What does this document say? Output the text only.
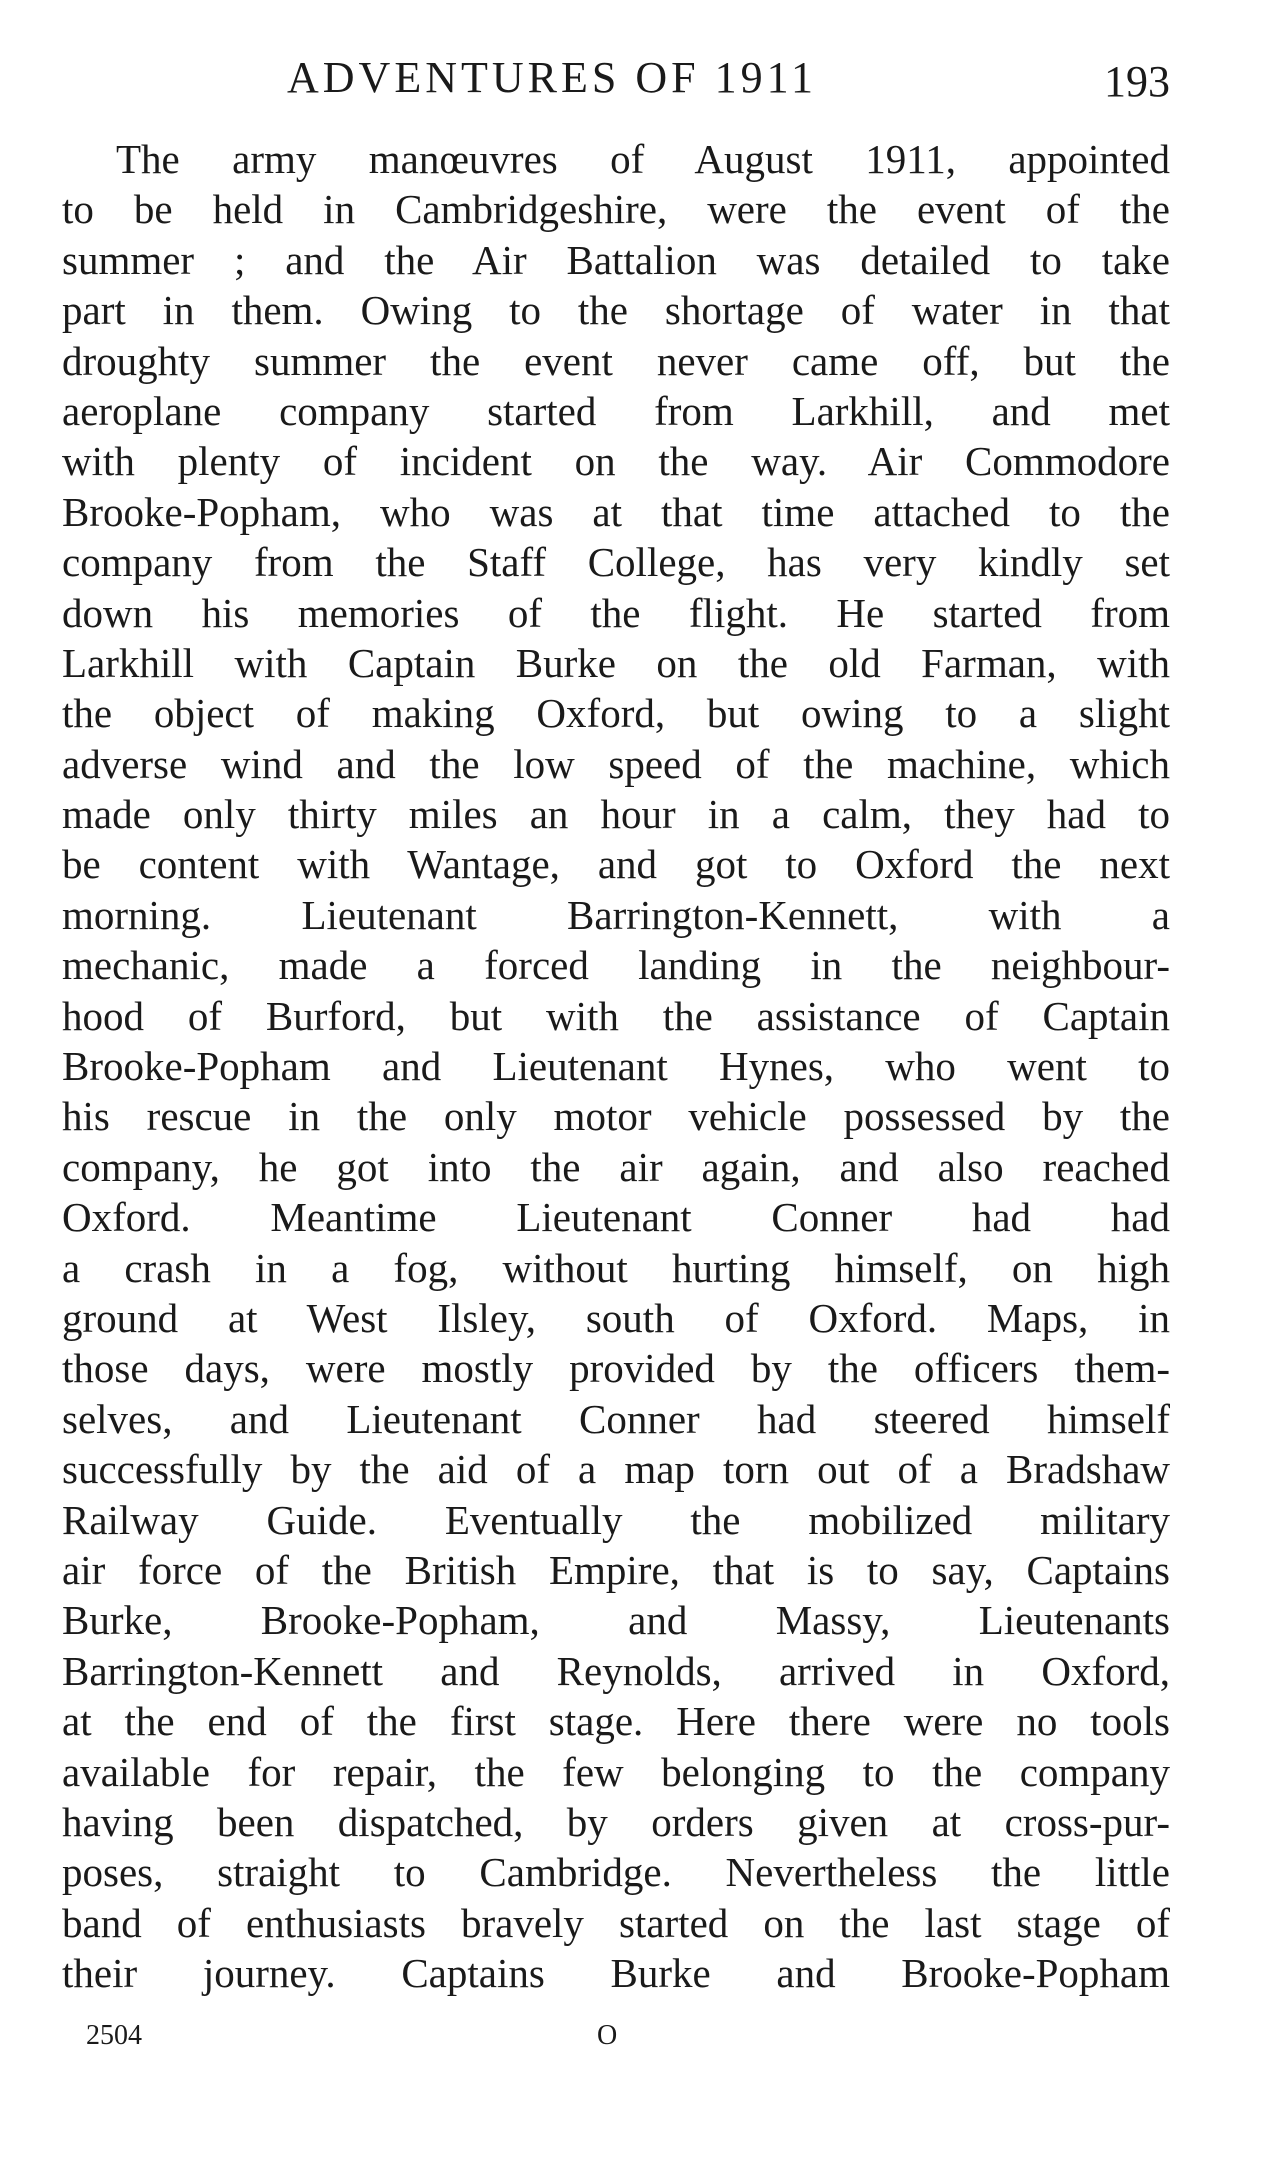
ADVENTURES OF 1911	193
The army manœuvres of August 1911, appointed
to be held in Cambridgeshire, were the event of the
summer ; and the Air Battalion was detailed to take
part in them. Owing to the shortage of water in that
droughty summer the event never came off, but the
aeroplane company started from Larkhill, and met
with plenty of incident on the way. Air Commodore
Brooke-Popham, who was at that time attached to the
company from the Staff College, has very kindly set
down his memories of the flight. He started from
Larkhill with Captain Burke on the old Farman, with
the object of making Oxford, but owing to a slight
adverse wind and the low speed of the machine, which
made only thirty miles an hour in a calm, they had to
be content with Wantage, and got to Oxford the next
morning. Lieutenant Barrington-Kennett, with a
mechanic, made a forced landing in the neighbour-
hood of Burford, but with the assistance of Captain
Brooke-Popham and Lieutenant Hynes, who went to
his rescue in the only motor vehicle possessed by the
company, he got into the air again, and also reached
Oxford. Meantime Lieutenant Conner had had
a crash in a fog, without hurting himself, on high
ground at West Ilsley, south of Oxford. Maps, in
those days, were mostly provided by the officers them-
selves, and Lieutenant Conner had steered himself
successfully by the aid of a map torn out of a Bradshaw
Railway Guide. Eventually the mobilized military
air force of the British Empire, that is to say, Captains
Burke, Brooke-Popham, and Massy, Lieutenants
Barrington-Kennett and Reynolds, arrived in Oxford,
at the end of the first stage. Here there were no tools
available for repair, the few belonging to the company
having been dispatched, by orders given at cross-pur-
poses, straight to Cambridge. Nevertheless the little
band of enthusiasts bravely started on the last stage of
their journey. Captains Burke and Brooke-Popham
2504	O
